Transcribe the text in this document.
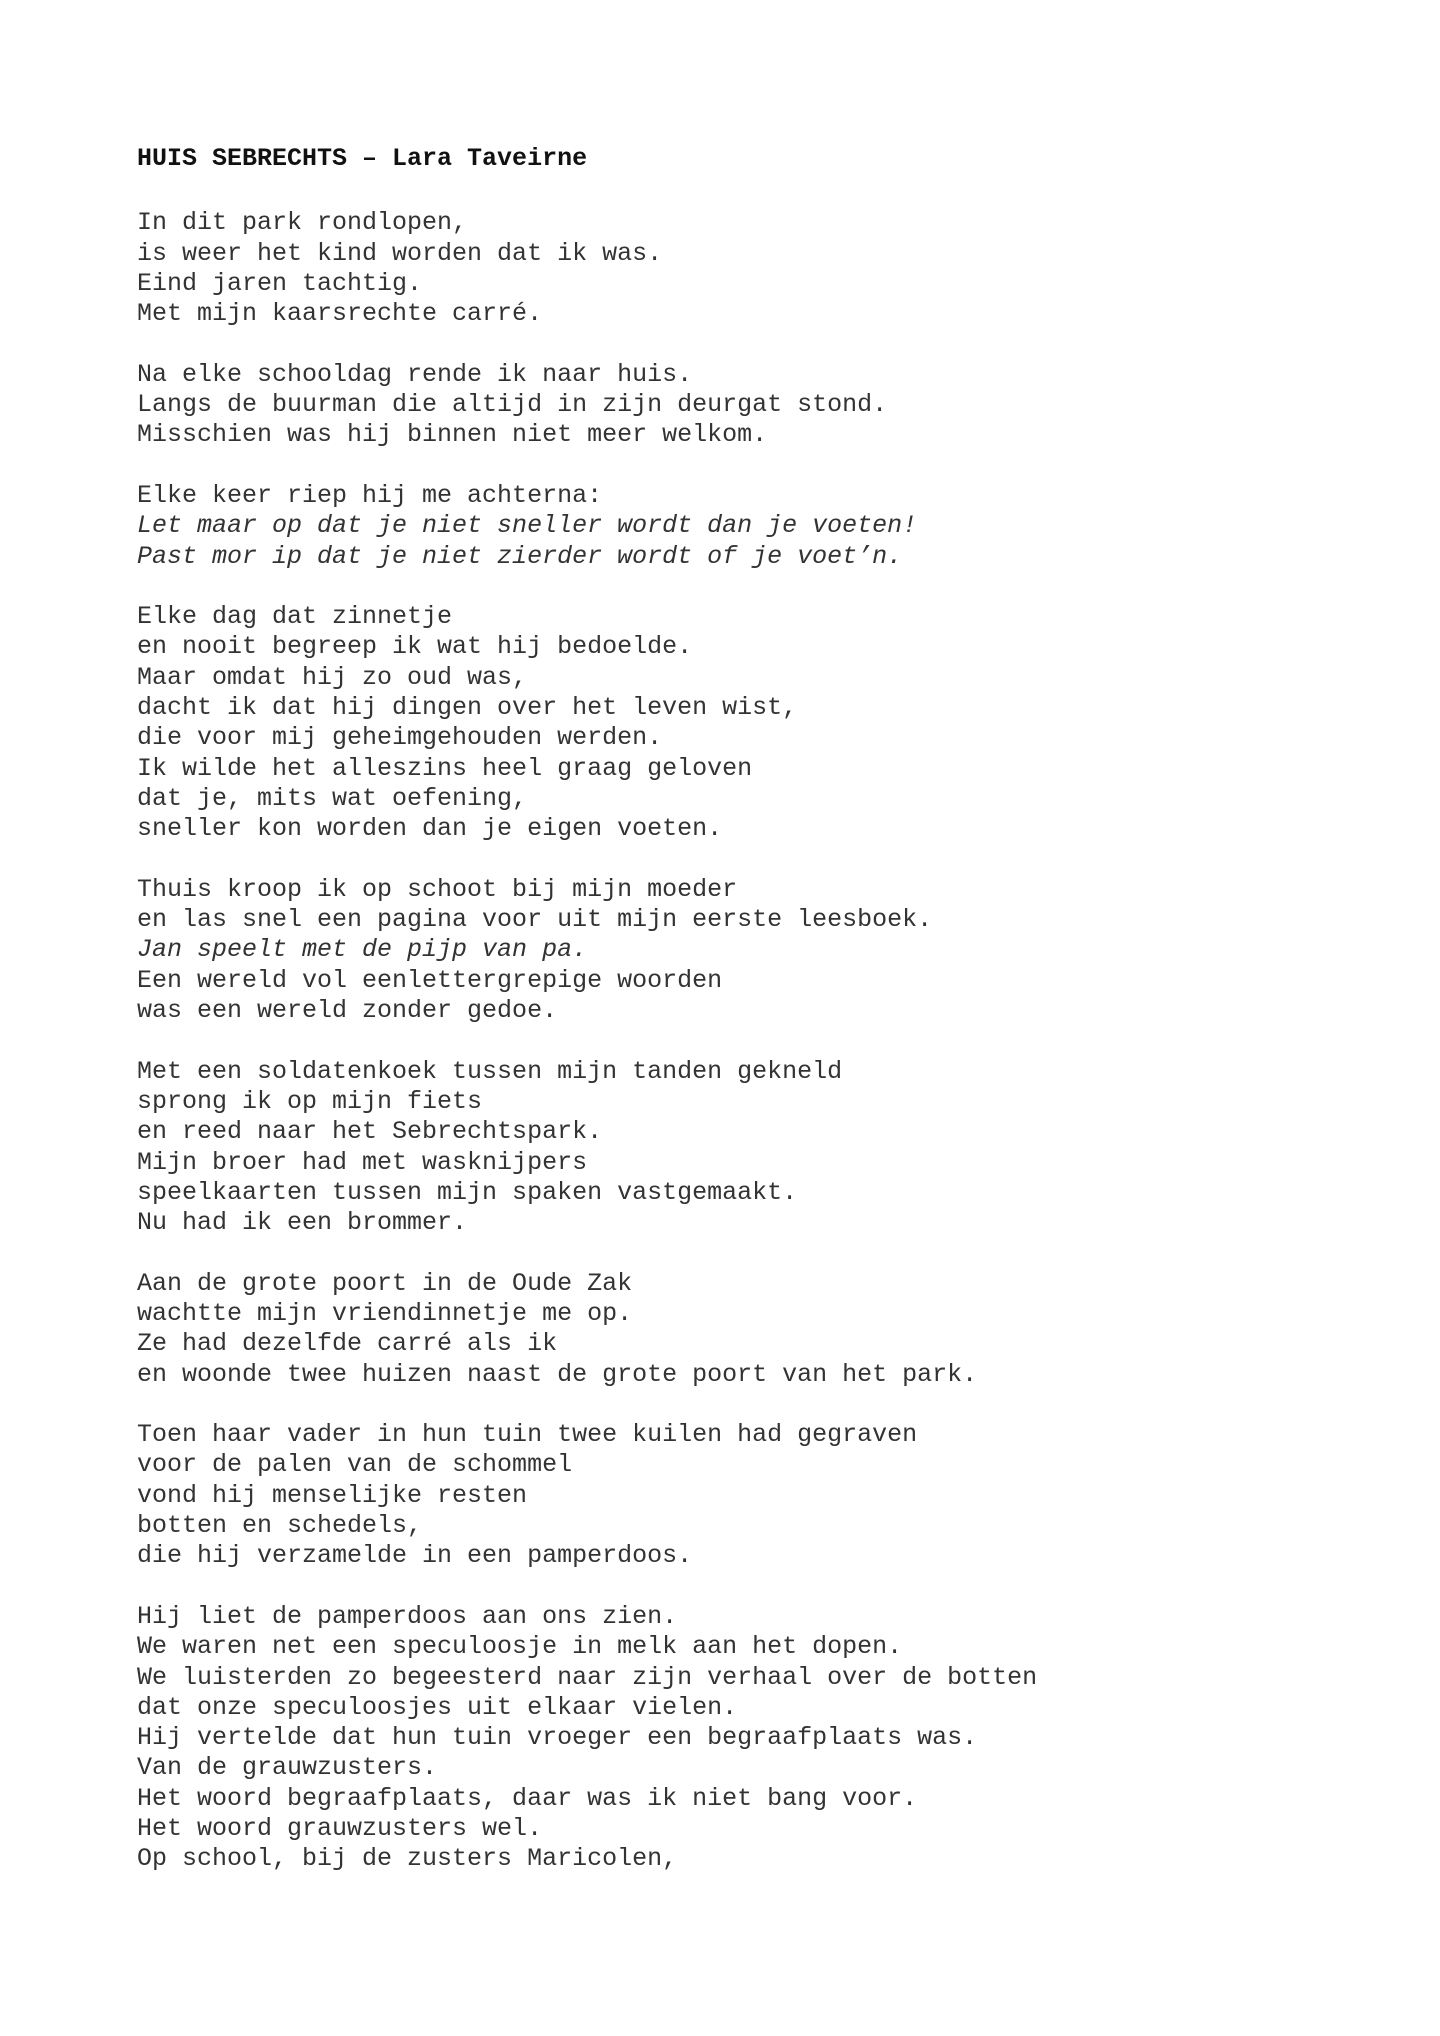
HUIS SEBRECHTS – Lara Taveirne
In dit park rondlopen,
is weer het kind worden dat ik was.
Eind jaren tachtig.
Met mijn kaarsrechte carré.
Na elke schooldag rende ik naar huis.
Langs de buurman die altijd in zijn deurgat stond.
Misschien was hij binnen niet meer welkom.
Elke keer riep hij me achterna:
Let maar op dat je niet sneller wordt dan je voeten!
Past mor ip dat je niet zierder wordt of je voet’n.
Elke dag dat zinnetje
en nooit begreep ik wat hij bedoelde.
Maar omdat hij zo oud was,
dacht ik dat hij dingen over het leven wist,
die voor mij geheimgehouden werden.
Ik wilde het alleszins heel graag geloven
dat je, mits wat oefening,
sneller kon worden dan je eigen voeten.
Thuis kroop ik op schoot bij mijn moeder
en las snel een pagina voor uit mijn eerste leesboek.
Jan speelt met de pijp van pa.
Een wereld vol eenlettergrepige woorden
was een wereld zonder gedoe.
Met een soldatenkoek tussen mijn tanden gekneld
sprong ik op mijn fiets
en reed naar het Sebrechtspark.
Mijn broer had met wasknijpers
speelkaarten tussen mijn spaken vastgemaakt.
Nu had ik een brommer.
Aan de grote poort in de Oude Zak
wachtte mijn vriendinnetje me op.
Ze had dezelfde carré als ik
en woonde twee huizen naast de grote poort van het park.
Toen haar vader in hun tuin twee kuilen had gegraven
voor de palen van de schommel
vond hij menselijke resten
botten en schedels,
die hij verzamelde in een pamperdoos.
Hij liet de pamperdoos aan ons zien.
We waren net een speculoosje in melk aan het dopen.
We luisterden zo begeesterd naar zijn verhaal over de botten
dat onze speculoosjes uit elkaar vielen.
Hij vertelde dat hun tuin vroeger een begraafplaats was.
Van de grauwzusters.
Het woord begraafplaats, daar was ik niet bang voor.
Het woord grauwzusters wel.
Op school, bij de zusters Maricolen,
